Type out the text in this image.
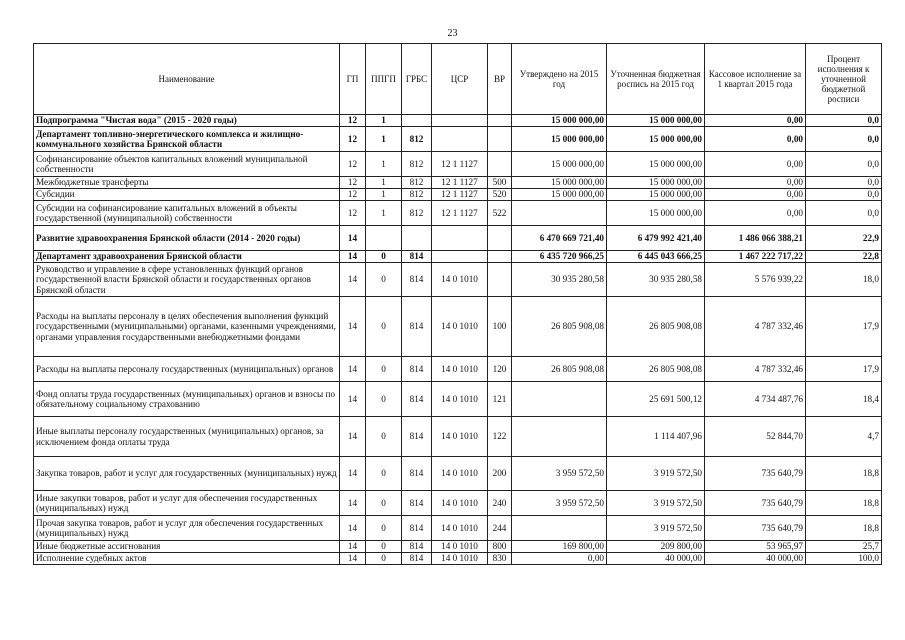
23
Наименование	ГП	ППГП	ГРБС	ЦСР	ВР	Утверждено на 2015 год	Уточненная бюджетная роспись на 2015 год	Кассовое исполнение за 1 квартал 2015 года	Процент исполнения к уточненной бюджетной росписи
Подпрограмма "Чистая вода" (2015 - 2020 годы)	12	1				15 000 000,00	15 000 000,00	0,00	0,0
Департамент топливно-энергетического комплекса и жилищно-коммунального хозяйства Брянской области	12	1	812			15 000 000,00	15 000 000,00	0,00	0,0
Софинансирование объектов капитальных вложений муниципальной собственности	12	1	812	12 1 1127		15 000 000,00	15 000 000,00	0,00	0,0
Межбюджетные трансферты	12	1	812	12 1 1127	500	15 000 000,00	15 000 000,00	0,00	0,0
Субсидии	12	1	812	12 1 1127	520	15 000 000,00	15 000 000,00	0,00	0,0
Субсидии на софинансирование капитальных вложений в объекты государственной (муниципальной) собственности	12	1	812	12 1 1127	522		15 000 000,00	0,00	0,0
Развитие здравоохранения Брянской области (2014 - 2020 годы)	14					6 470 669 721,40	6 479 992 421,40	1 486 066 388,21	22,9
Департамент здравоохранения Брянской области	14	0	814			6 435 720 966,25	6 445 043 666,25	1 467 222 717,22	22,8
Руководство и управление в сфере установленных функций органов государственной власти Брянской области и государственных органов Брянской области	14	0	814	14 0 1010		30 935 280,58	30 935 280,58	5 576 939,22	18,0
Расходы на выплаты персоналу в целях обеспечения выполнения функций государственными (муниципальными) органами, казенными учреждениями, органами управления государственными внебюджетными фондами	14	0	814	14 0 1010	100	26 805 908,08	26 805 908,08	4 787 332,46	17,9
Расходы на выплаты персоналу государственных (муниципальных) органов	14	0	814	14 0 1010	120	26 805 908,08	26 805 908,08	4 787 332,46	17,9
Фонд оплаты труда государственных (муниципальных) органов и взносы по обязательному социальному страхованию	14	0	814	14 0 1010	121		25 691 500,12	4 734 487,76	18,4
Иные выплаты персоналу государственных (муниципальных) органов, за исключением фонда оплаты труда	14	0	814	14 0 1010	122		1 114 407,96	52 844,70	4,7
Закупка товаров, работ и услуг для государственных (муниципальных) нужд	14	0	814	14 0 1010	200	3 959 572,50	3 919 572,50	735 640,79	18,8
Иные закупки товаров, работ и услуг для обеспечения государственных (муниципальных) нужд	14	0	814	14 0 1010	240	3 959 572,50	3 919 572,50	735 640,79	18,8
Прочая закупка товаров, работ и услуг для обеспечения государственных (муниципальных) нужд	14	0	814	14 0 1010	244		3 919 572,50	735 640,79	18,8
Иные бюджетные ассигнования	14	0	814	14 0 1010	800	169 800,00	209 800,00	53 965,97	25,7
Исполнение судебных актов	14	0	814	14 0 1010	830	0,00	40 000,00	40 000,00	100,0
